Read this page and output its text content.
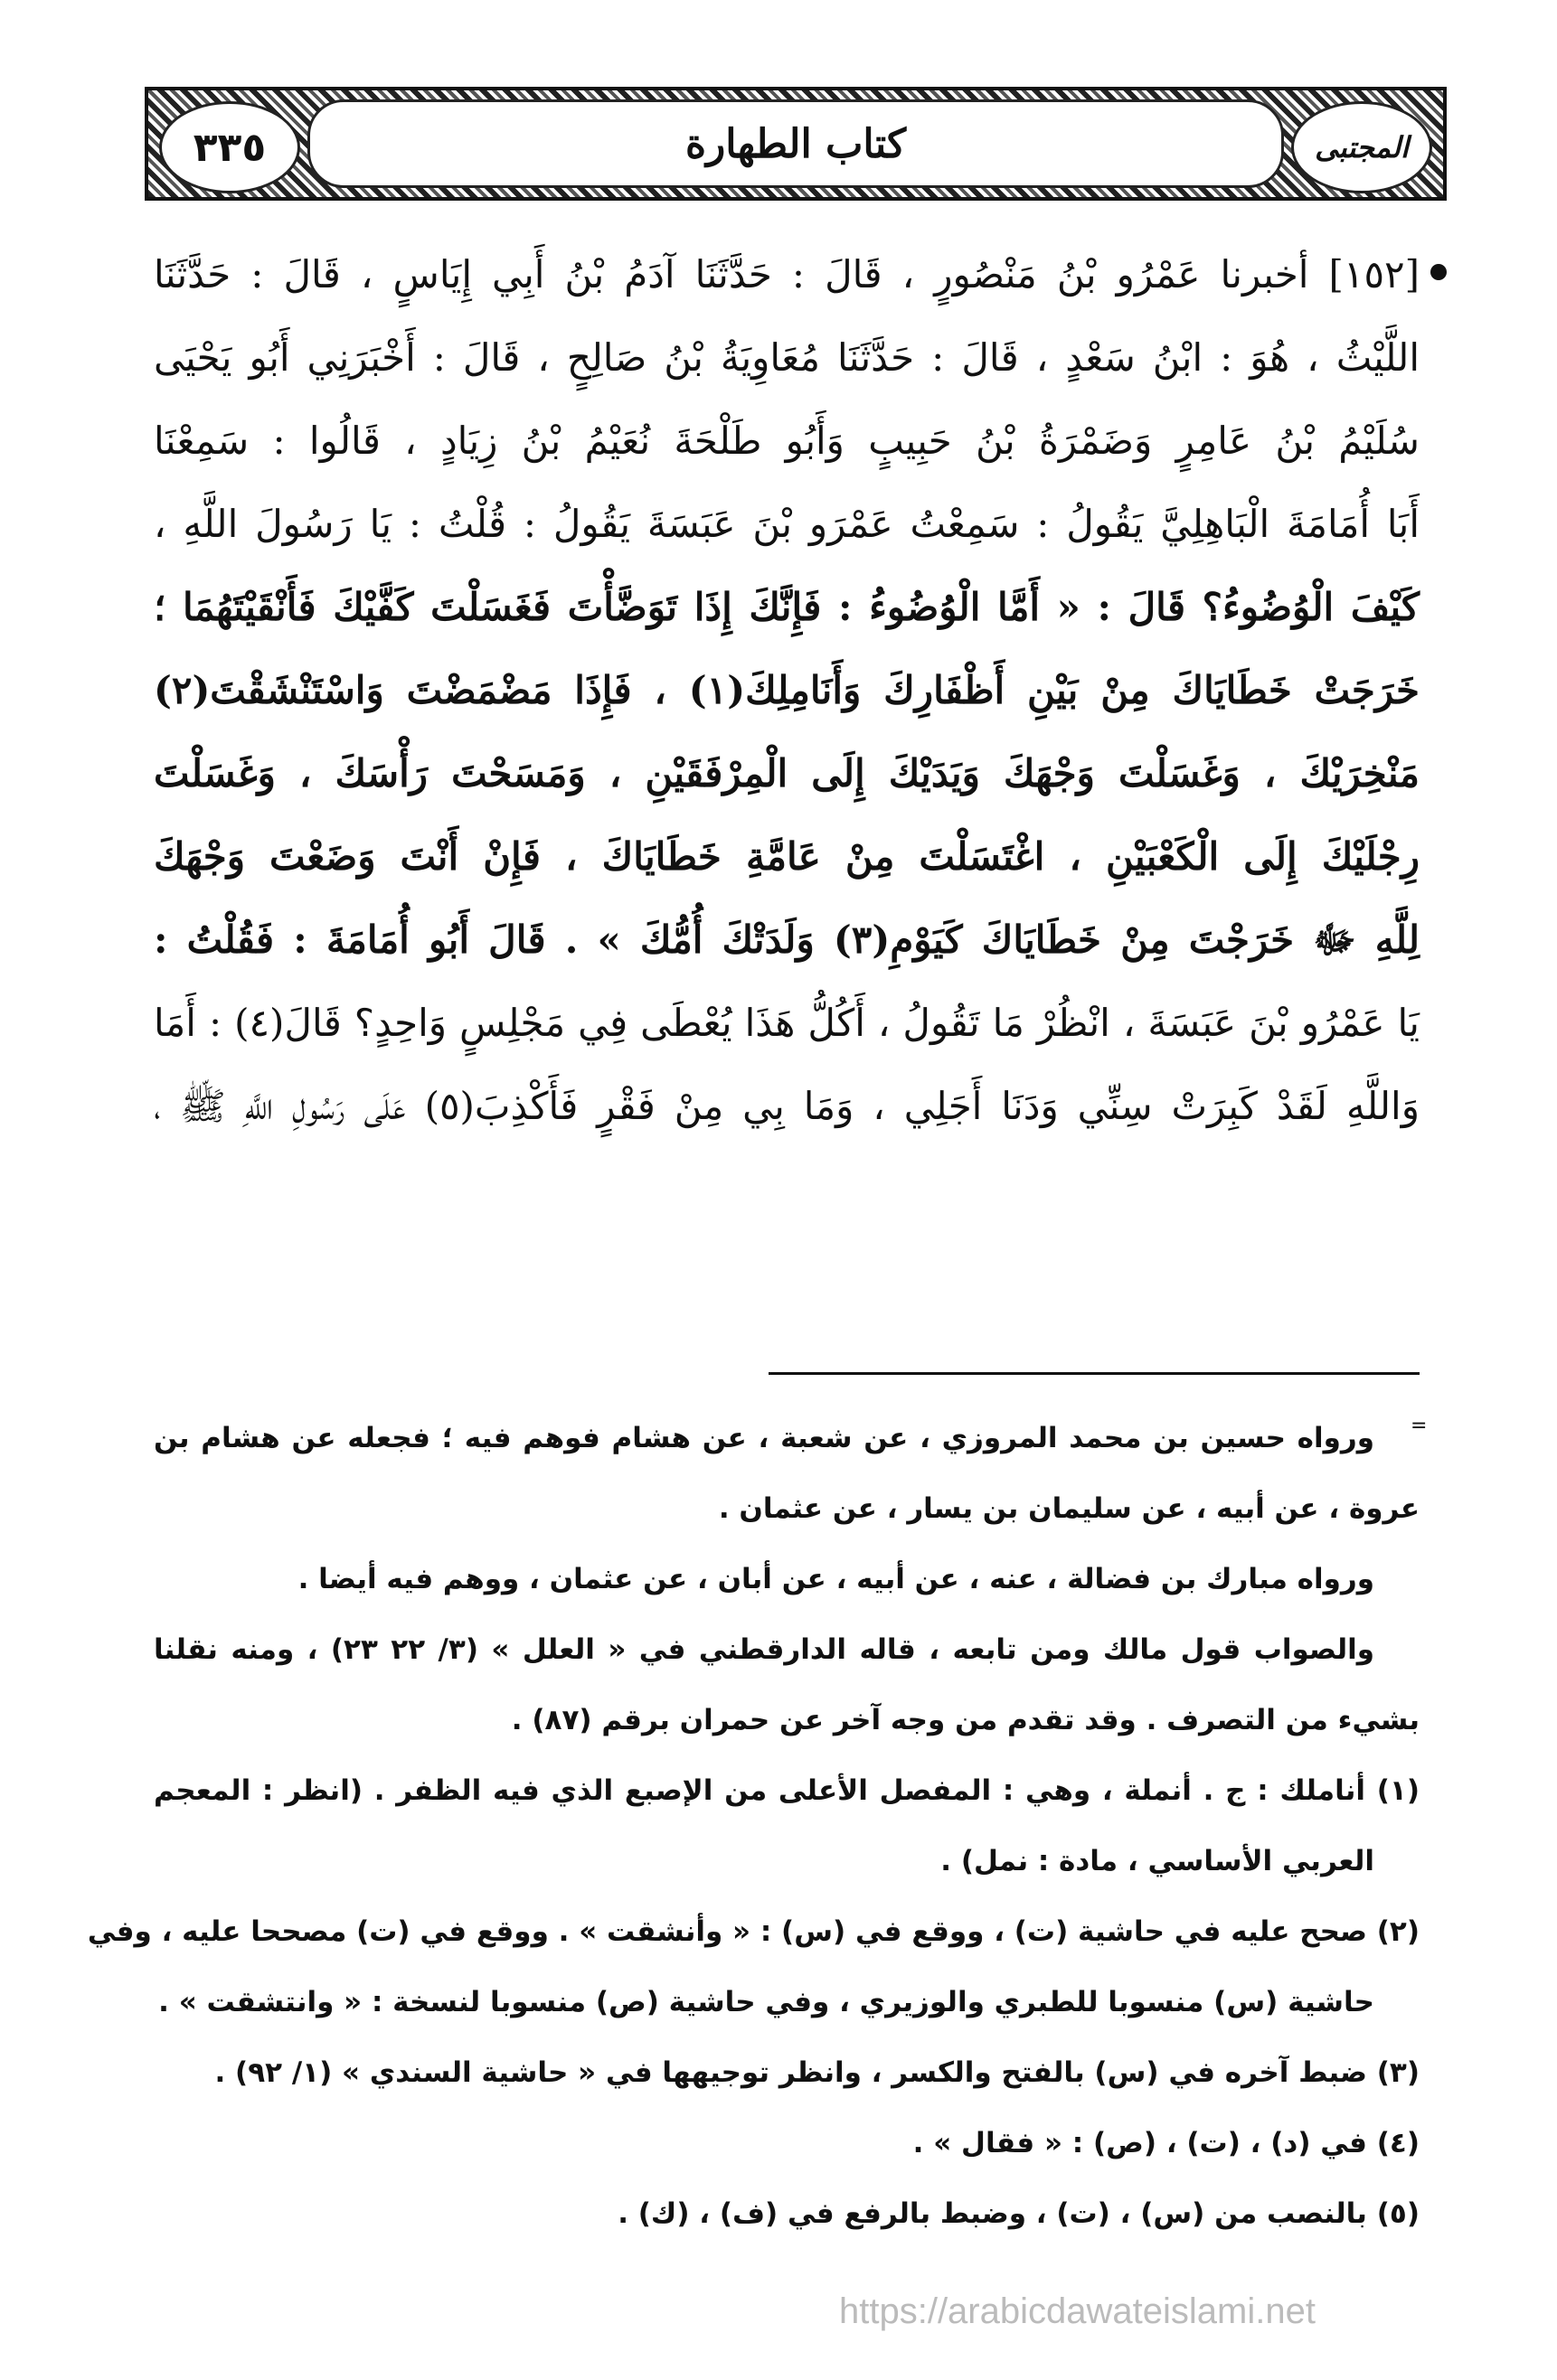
٣٣٥	كتاب الطهارة	المجتبى
[١٥٢] أخبرنا عَمْرُو بْنُ مَنْصُورٍ ، قَالَ : حَدَّثَنَا آدَمُ بْنُ أَبِي إِيَاسٍ ، قَالَ : حَدَّثَنَا
اللَّيْثُ ، هُوَ : ابْنُ سَعْدٍ ، قَالَ : حَدَّثَنَا مُعَاوِيَةُ بْنُ صَالِحٍ ، قَالَ : أَخْبَرَنِي أَبُو يَحْيَى
سُلَيْمُ بْنُ عَامِرٍ وَضَمْرَةُ بْنُ حَبِيبٍ وَأَبُو طَلْحَةَ نُعَيْمُ بْنُ زِيَادٍ ، قَالُوا : سَمِعْنَا
أَبَا أُمَامَةَ الْبَاهِلِيَّ يَقُولُ : سَمِعْتُ عَمْرَو بْنَ عَبَسَةَ يَقُولُ : قُلْتُ : يَا رَسُولَ اللَّهِ ،
كَيْفَ الْوُضُوءُ؟ قَالَ : « أَمَّا الْوُضُوءُ : فَإِنَّكَ إِذَا تَوَضَّأْتَ فَغَسَلْتَ كَفَّيْكَ فَأَنْقَيْتَهُمَا ؛
خَرَجَتْ خَطَايَاكَ مِنْ بَيْنِ أَظْفَارِكَ وَأَنَامِلِكَ(١) ، فَإِذَا مَضْمَضْتَ وَاسْتَنْشَقْتَ(٢)
مَنْخِرَيْكَ ، وَغَسَلْتَ وَجْهَكَ وَيَدَيْكَ إِلَى الْمِرْفَقَيْنِ ، وَمَسَحْتَ رَأْسَكَ ، وَغَسَلْتَ
رِجْلَيْكَ إِلَى الْكَعْبَيْنِ ، اغْتَسَلْتَ مِنْ عَامَّةِ خَطَايَاكَ ، فَإِنْ أَنْتَ وَضَعْتَ وَجْهَكَ
لِلَّهِ ﷻ خَرَجْتَ مِنْ خَطَايَاكَ كَيَوْمِ(٣) وَلَدَتْكَ أُمُّكَ » . قَالَ أَبُو أُمَامَةَ : فَقُلْتُ :
يَا عَمْرُو بْنَ عَبَسَةَ ، انْظُرْ مَا تَقُولُ ، أَكُلُّ هَذَا يُعْطَى فِي مَجْلِسٍ وَاحِدٍ؟ قَالَ(٤) : أَمَا
وَاللَّهِ لَقَدْ كَبِرَتْ سِنِّي وَدَنَا أَجَلِي ، وَمَا بِي مِنْ فَقْرٍ فَأَكْذِبَ(٥) عَلَى رَسُولِ اللَّهِ ﷺ ،
=
ورواه حسين بن محمد المروزي ، عن شعبة ، عن هشام فوهم فيه ؛ فجعله عن هشام بن
عروة ، عن أبيه ، عن سليمان بن يسار ، عن عثمان .
ورواه مبارك بن فضالة ، عنه ، عن أبيه ، عن أبان ، عن عثمان ، ووهم فيه أيضا .
والصواب قول مالك ومن تابعه ، قاله الدارقطني في « العلل » (٣/ ٢٢ ٢٣) ، ومنه نقلنا
بشيء من التصرف . وقد تقدم من وجه آخر عن حمران برقم (٨٧) .
(١) أناملك : ج . أنملة ، وهي : المفصل الأعلى من الإصبع الذي فيه الظفر . (انظر : المعجم
العربي الأساسي ، مادة : نمل) .
(٢) صحح عليه في حاشية (ت) ، ووقع في (س) : « وأنشقت » . ووقع في (ت) مصححا عليه ، وفي
حاشية (س) منسوبا للطبري والوزيري ، وفي حاشية (ص) منسوبا لنسخة : « وانتشقت » .
(٣) ضبط آخره في (س) بالفتح والكسر ، وانظر توجيهها في « حاشية السندي » (١/ ٩٢) .
(٤) في (د) ، (ت) ، (ص) : « فقال » .
(٥) بالنصب من (س) ، (ت) ، وضبط بالرفع في (ف) ، (ك) .
https://arabicdawateislami.net
